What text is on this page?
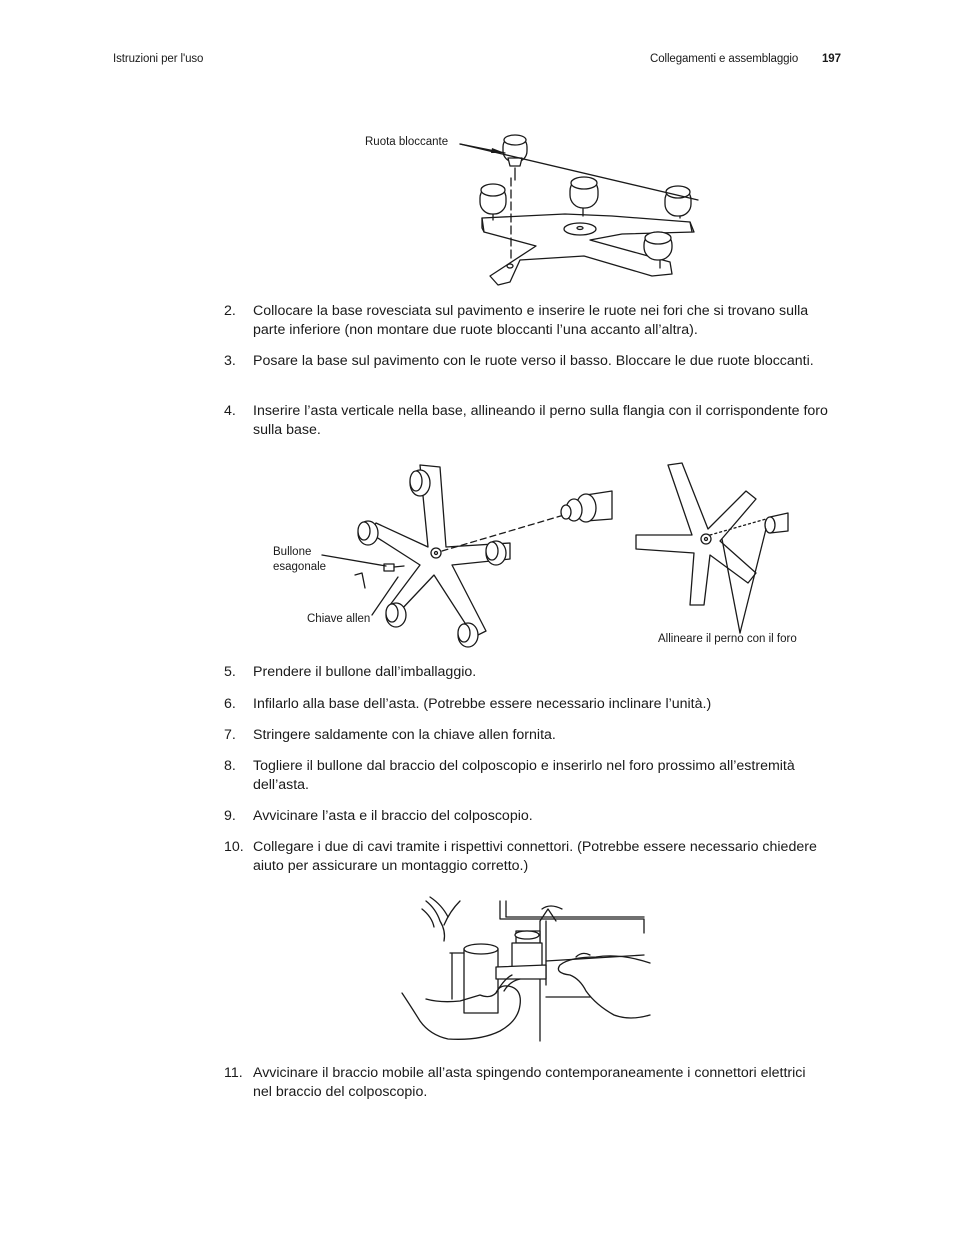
Istruzioni per l'uso	Collegamenti e assemblaggio 197
Ruota bloccante
2. Collocare la base rovesciata sul pavimento e inserire le ruote nei fori che si trovano sulla parte inferiore (non montare due ruote bloccanti l’una accanto all’altra).
3. Posare la base sul pavimento con le ruote verso il basso. Bloccare le due ruote bloccanti.
4. Inserire l’asta verticale nella base, allineando il perno sulla flangia con il corrispondente foro sulla base.
Bullone
esagonale
Chiave allen
Allineare il perno con il foro
5. Prendere il bullone dall’imballaggio.
6. Infilarlo alla base dell’asta. (Potrebbe essere necessario inclinare l’unità.)
7. Stringere saldamente con la chiave allen fornita.
8. Togliere il bullone dal braccio del colposcopio e inserirlo nel foro prossimo all’estremità dell’asta.
9. Avvicinare l’asta e il braccio del colposcopio.
10. Collegare i due di cavi tramite i rispettivi connettori. (Potrebbe essere necessario chiedere aiuto per assicurare un montaggio corretto.)
11. Avvicinare il braccio mobile all’asta spingendo contemporaneamente i connettori elettrici nel braccio del colposcopio.
